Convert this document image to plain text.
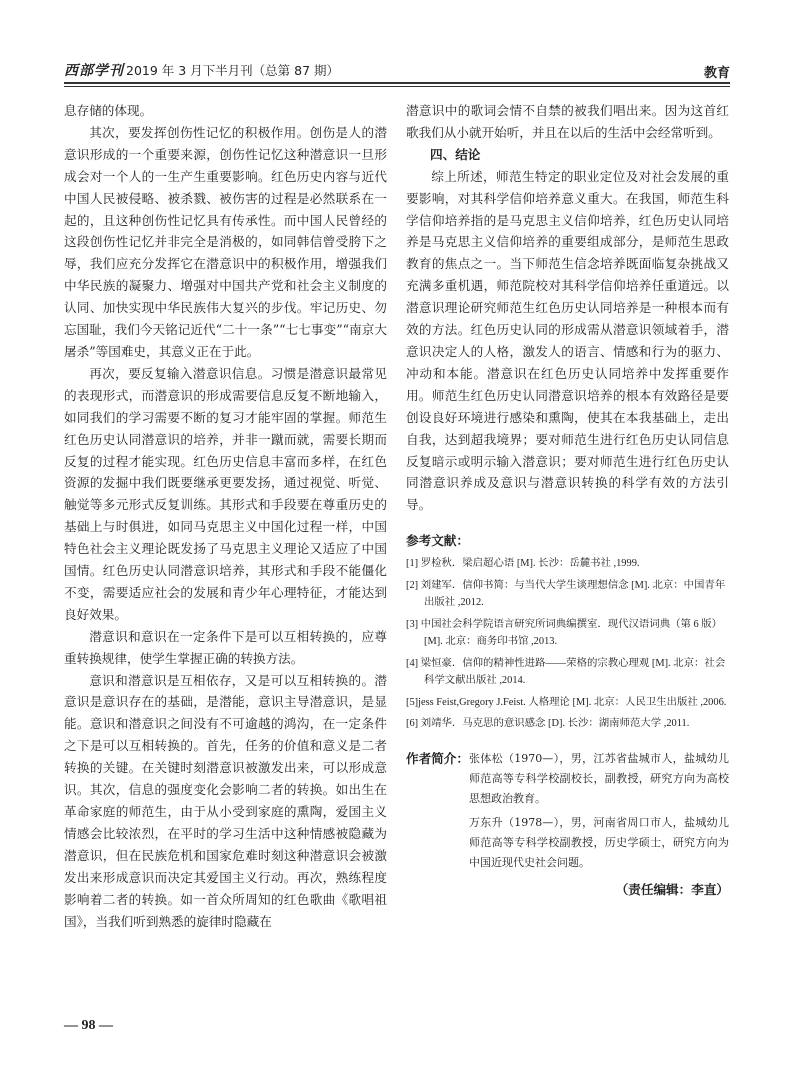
西部学刊 2019 年 3 月下半月刊（总第 87 期）	教育

息存储的体现。

其次，要发挥创伤性记忆的积极作用。创伤是人的潜意识形成的一个重要来源，创伤性记忆这种潜意识一旦形成会对一个人的一生产生重要影响。红色历史内容与近代中国人民被侵略、被杀戮、被伤害的过程是必然联系在一起的，且这种创伤性记忆具有传承性。而中国人民曾经的这段创伤性记忆并非完全是消极的，如同韩信曾受胯下之辱，我们应充分发挥它在潜意识中的积极作用，增强我们中华民族的凝聚力、增强对中国共产党和社会主义制度的认同、加快实现中华民族伟大复兴的步伐。牢记历史、勿忘国耻，我们今天铭记近代“二十一条”“七七事变”“南京大屠杀”等国难史，其意义正在于此。

再次，要反复输入潜意识信息。习惯是潜意识最常见的表现形式，而潜意识的形成需要信息反复不断地输入，如同我们的学习需要不断的复习才能牢固的掌握。师范生红色历史认同潜意识的培养，并非一蹴而就，需要长期而反复的过程才能实现。红色历史信息丰富而多样，在红色资源的发掘中我们既要继承更要发扬，通过视觉、听觉、触觉等多元形式反复训练。其形式和手段要在尊重历史的基础上与时俱进，如同马克思主义中国化过程一样，中国特色社会主义理论既发扬了马克思主义理论又适应了中国国情。红色历史认同潜意识培养，其形式和手段不能僵化不变，需要适应社会的发展和青少年心理特征，才能达到良好效果。

潜意识和意识在一定条件下是可以互相转换的，应尊重转换规律，使学生掌握正确的转换方法。

意识和潜意识是互相依存，又是可以互相转换的。潜意识是意识存在的基础，是潜能，意识主导潜意识，是显能。意识和潜意识之间没有不可逾越的鸿沟，在一定条件之下是可以互相转换的。首先，任务的价值和意义是二者转换的关键。在关键时刻潜意识被激发出来，可以形成意识。其次，信息的强度变化会影响二者的转换。如出生在革命家庭的师范生，由于从小受到家庭的熏陶，爱国主义情感会比较浓烈，在平时的学习生活中这种情感被隐藏为潜意识，但在民族危机和国家危难时刻这种潜意识会被激发出来形成意识而决定其爱国主义行动。再次，熟练程度影响着二者的转换。如一首众所周知的红色歌曲《歌唱祖国》，当我们听到熟悉的旋律时隐藏在

潜意识中的歌词会情不自禁的被我们唱出来。因为这首红歌我们从小就开始听，并且在以后的生活中会经常听到。

四、结论

综上所述，师范生特定的职业定位及对社会发展的重要影响，对其科学信仰培养意义重大。在我国，师范生科学信仰培养指的是马克思主义信仰培养，红色历史认同培养是马克思主义信仰培养的重要组成部分，是师范生思政教育的焦点之一。当下师范生信念培养既面临复杂挑战又充满多重机遇，师范院校对其科学信仰培养任重道远。以潜意识理论研究师范生红色历史认同培养是一种根本而有效的方法。红色历史认同的形成需从潜意识领域着手，潜意识决定人的人格，激发人的语言、情感和行为的驱力、冲动和本能。潜意识在红色历史认同培养中发挥重要作用。师范生红色历史认同潜意识培养的根本有效路径是要创设良好环境进行感染和熏陶，使其在本我基础上，走出自我，达到超我境界；要对师范生进行红色历史认同信息反复暗示或明示输入潜意识；要对师范生进行红色历史认同潜意识养成及意识与潜意识转换的科学有效的方法引导。

参考文献：

[1] 罗检秋．梁启超心语 [M]. 长沙：岳麓书社 ,1999.

[2] 刘建军．信仰书简：与当代大学生谈理想信念 [M]. 北京：中国青年出版社 ,2012.

[3] 中国社会科学院语言研究所词典编撰室．现代汉语词典（第 6 版）[M]. 北京：商务印书馆 ,2013.

[4] 梁恒豪．信仰的精神性进路——荣格的宗教心理观 [M]. 北京：社会科学文献出版社 ,2014.

[5]jess Feist,Gregory J.Feist. 人格理论 [M]. 北京：人民卫生出版社 ,2006.

[6] 刘靖华．马克思的意识感念 [D]. 长沙：湖南师范大学 ,2011.

作者简介： 张体松（1970—），男，江苏省盐城市人，盐城幼儿师范高等专科学校副校长，副教授，研究方向为高校思想政治教育。

万东升（1978—），男，河南省周口市人，盐城幼儿师范高等专科学校副教授，历史学硕士，研究方向为中国近现代史社会问题。

（责任编辑：李直）
— 98 —
